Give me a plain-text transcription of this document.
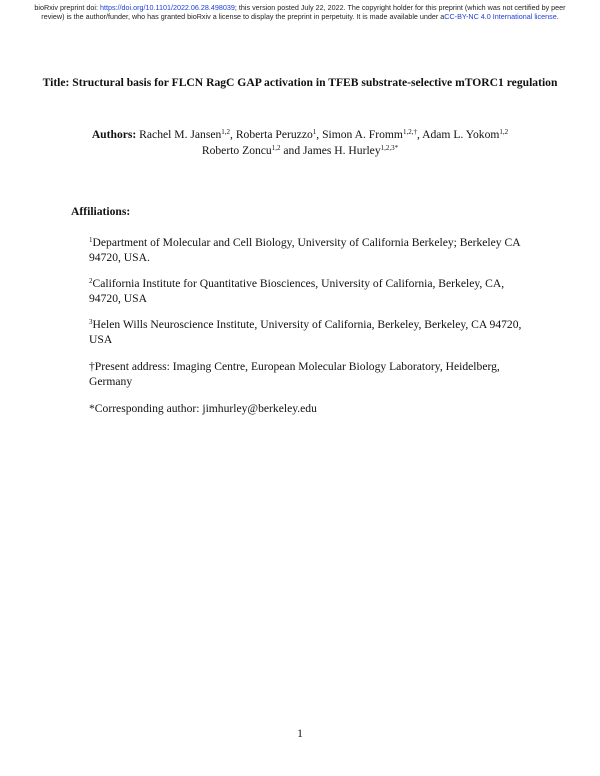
bioRxiv preprint doi: https://doi.org/10.1101/2022.06.28.498039; this version posted July 22, 2022. The copyright holder for this preprint (which was not certified by peer review) is the author/funder, who has granted bioRxiv a license to display the preprint in perpetuity. It is made available under aCC-BY-NC 4.0 International license.
Title: Structural basis for FLCN RagC GAP activation in TFEB substrate-selective mTORC1 regulation
Authors: Rachel M. Jansen$^{1,2}$, Roberta Peruzzo$^1$, Simon A. Fromm$^{1,2,\dagger}$, Adam L. Yokom$^{1,2}$
Roberto Zoncu$^{1,2}$ and James H. Hurley$^{1,2,3*}$
Affiliations:
$^1$Department of Molecular and Cell Biology, University of California Berkeley; Berkeley CA 94720, USA.
$^2$California Institute for Quantitative Biosciences, University of California, Berkeley, CA, 94720, USA
$^3$Helen Wills Neuroscience Institute, University of California, Berkeley, Berkeley, CA 94720, USA
†Present address: Imaging Centre, European Molecular Biology Laboratory, Heidelberg, Germany
*Corresponding author: jimhurley@berkeley.edu
1
